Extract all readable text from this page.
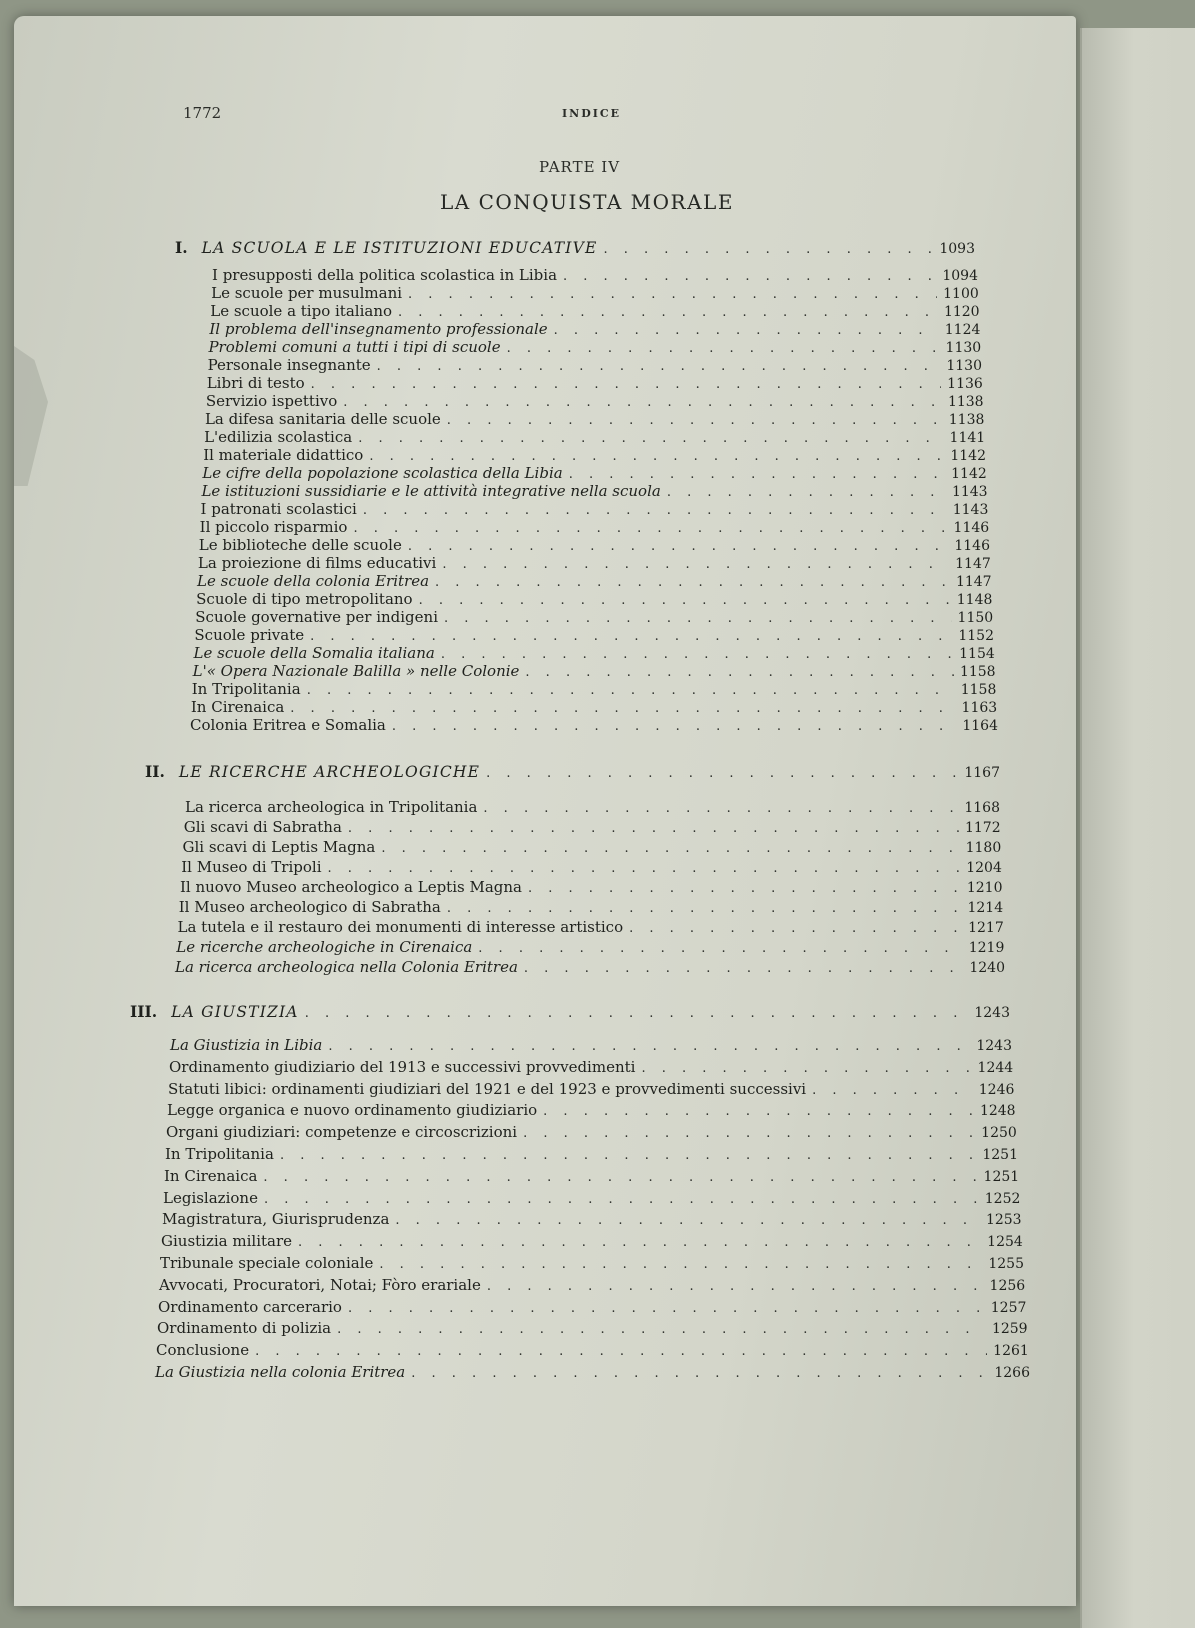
1772	INDICE
PARTE IV
LA CONQUISTA MORALE
I. LA SCUOLA E LE ISTITUZIONI EDUCATIVE . . .	1093
I presupposti della politica scolastica in Libia . . .	1094
Le scuole per musulmani . . .	1100
Le scuole a tipo italiano . . .	1120
Il problema dell'insegnamento professionale . . .	1124
Problemi comuni a tutti i tipi di scuole . . .	1130
Personale insegnante . . .	1130
Libri di testo . . .	1136
Servizio ispettivo . . .	1138
La difesa sanitaria delle scuole . . .	1138
L'edilizia scolastica . . .	1141
Il materiale didattico . . .	1142
Le cifre della popolazione scolastica della Libia . . .	1142
Le istituzioni sussidiarie e le attività integrative nella scuola . . .	1143
I patronati scolastici . . .	1143
Il piccolo risparmio . . .	1146
Le biblioteche delle scuole . . .	1146
La proiezione di films educativi . . .	1147
Le scuole della colonia Eritrea . . .	1147
Scuole di tipo metropolitano . . .	1148
Scuole governative per indigeni . . .	1150
Scuole private . . .	1152
Le scuole della Somalia italiana . . .	1154
L'« Opera Nazionale Balilla » nelle Colonie . . .	1158
In Tripolitania . . .	1158
In Cirenaica . . .	1163
Colonia Eritrea e Somalia . . .	1164
II. LE RICERCHE ARCHEOLOGICHE . . .	1167
La ricerca archeologica in Tripolitania . . .	1168
Gli scavi di Sabratha . . .	1172
Gli scavi di Leptis Magna . . .	1180
Il Museo di Tripoli . . .	1204
Il nuovo Museo archeologico a Leptis Magna . . .	1210
Il Museo archeologico di Sabratha . . .	1214
La tutela e il restauro dei monumenti di interesse artistico . . .	1217
Le ricerche archeologiche in Cirenaica . . .	1219
La ricerca archeologica nella Colonia Eritrea . . .	1240
III. LA GIUSTIZIA . . .	1243
La Giustizia in Libia . . .	1243
Ordinamento giudiziario del 1913 e successivi provvedimenti . . .	1244
Statuti libici: ordinamenti giudiziari del 1921 e del 1923 e provvedimenti successivi . . .	1246
Legge organica e nuovo ordinamento giudiziario . . .	1248
Organi giudiziari: competenze e circoscrizioni . . .	1250
In Tripolitania . . .	1251
In Cirenaica . . .	1251
Legislazione . . .	1252
Magistratura, Giurisprudenza . . .	1253
Giustizia militare . . .	1254
Tribunale speciale coloniale . . .	1255
Avvocati, Procuratori, Notai; Fòro erariale . . .	1256
Ordinamento carcerario . . .	1257
Ordinamento di polizia . . .	1259
Conclusione . . .	1261
La Giustizia nella colonia Eritrea . . .	1266
